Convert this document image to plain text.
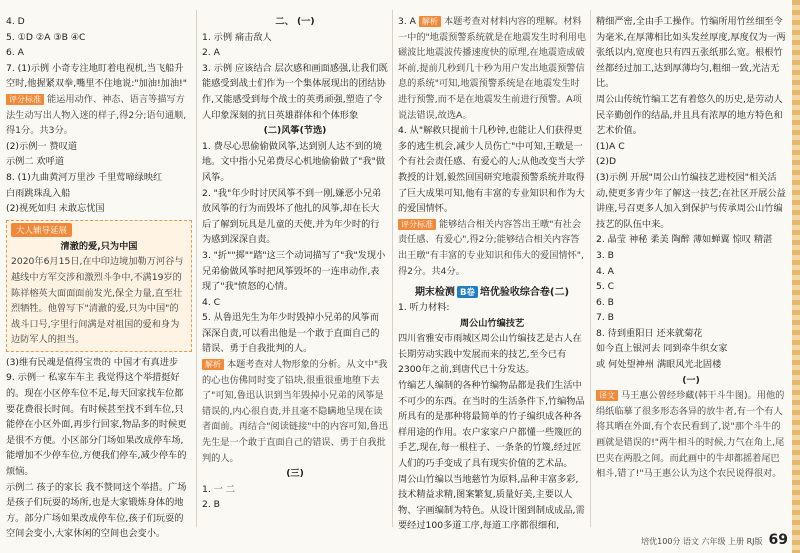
4. D
5. ①D ②A ③B ④C
6. A
7. (1)示例 小奇专注地盯着电视机,当飞船升空时,他握紧双拳,嘴里不住地说:"加油!加油!"
评分标准 能运用动作、神态、语言等描写方法生动写出人物入迷的样子,得2分;语句通顺,得1分。共3分。
(2)示例一 赞叹道
示例二 欢呼道
8. (1)九曲黄河万里沙 千里莺啼绿映红
白雨跳珠乱入船
(2)视死如归 未敢忘忧国
大人辅导延展
清澈的爱,只为中国
2020年6月15日,在中印边境加勒万河谷与越线中方军交涉和激烈斗争中,不满19岁的陈祥榕英大面面面前发光,保全力量,直至壮烈牺牲。他曾写下"清澈的爱,只为中国"的战斗口号,字里行间满是对祖国的爱和身为边防军人的担当。
(3)维有民魂是值得宝贵的 中国才有真进步
9. 示例一 私家车车主 我觉得这个举措挺好的。现在小区停车位不足,每天回家找车位都要花费很长时间。有时候甚至找不到车位,只能停在小区外面,再步行回家,物品多的时候更是很不方便。小区部分门场如果改成停车场,能增加不少停车位,方便我们停车,减少停车的烦恼。
示例二 孩子的家长 我不赞同这个举措。广场是孩子们玩耍的场所,也是大家锻炼身体的地方。部分广场如果改成停车位,孩子们玩耍的空间会变小,大家休闲的空间也会变小。
二、 (一)
1. 示例 痛击敌人
2. A
3. 示例 应该结合 层次感和画面感强,让我们既能感受到战士们作为一个集体展现出的团结协作,又能感受到每个战士的英勇顽强,塑造了令人印象深刻的抗日英雄群体和个体形象
(二)风筝(节选)
1. 费尽心思偷偷做风筝,达到别人达不到的境地。文中指小兄弟费尽心机地偷偷做了"我"做风筝。
2. "我"年少时讨厌风筝不到一刚,嫌恶小兄弟放风筝的行为而毁坏了他扎的风筝,却在长大后了解到玩具是儿童的天使,并为年少时的行为感到深深自责。
3. "折""掷""踏"这三个动词描写了"我"发现小兄弟偷做风筝时把风筝毁坏的一连串动作,表现了"我"愤怒的心情。
4. C
5. 从鲁迅先生为年少时毁掉小兄弟的风筝而深深自责,可以看出他是一个敢于直面自己的错误、勇于自我批判的人。
解析 本题考查对人物形象的分析。从文中"我的心也仿佛同时变了铅块,很重很重地堕下去了"可知,鲁迅认识到当年毁掉小兄弟的风筝是错误的,内心很自责,并且毫不隐瞒地呈现在读者面前。再结合"阅读链接"中的内容可知,鲁迅先生是一个敢于直面自己的错误、勇于自我批判的人。
(三)
1. 一 二
2. B
3. A 解析 本题考查对材料内容的理解。材料一中的"地震预警系统就是在地震发生时利用电磁波比地震波传播速度快的原理,在地震造成破坏前,提前几秒到几十秒为用户发出地震预警信息的系统"可知,地震预警系统是在地震发生时进行预警,而不是在地震发生前进行预警。A项说法错误,故选A。
4. 从"解救只提前十几秒钟,也能让人们获得更多的逃生机会,减少人员伤亡"中可知,王暾是一个有社会责任感、有爱心的人;从他改变当大学教授的计划,毅然回国研究地震预警系统并取得了巨大成果可知,他有丰富的专业知识和作为大的爱国情怀。
评分标准 能够结合相关内容答出王暾"有社会责任感、有爱心",得2分;能够结合相关内容答出王暾"有丰富的专业知识和伟大的爱国情怀",得2分。共4分。
期末检测 B卷 培优验收综合卷(二)
1. 听力材料:
周公山竹编技艺
四川省雅安市雨城区周公山竹编技艺是古人在长期劳动实践中发展而来的技艺,至今已有2300年之前,到唐代已十分发达。
竹编艺人编制的各种竹编物品都是我们生活中不可少的东西。在当时的生活条件下,竹编物品所具有的是那种将最简单的竹子编织成各种各样用途的作用。农户家家户户都懂一些篾匠的手艺,现在,每一根柱子、一条条的竹篾,经过匠人们的巧手变成了具有现实价值的艺术品。
周公山竹编以当地慈竹为原料,品种丰富多彩,技术精益求精,图案繁复,质量好美,主要以人物、字画编制为特色。从设计图到制成成品,需要经过100多道工序,每道工序都很细和,
精细严密,全由手工操作。竹编所用竹丝细至令为毫米,在厚薄相比如头发丝厚度,厚度仅为一两张纸以内,宽度也只有四五张纸那么宽。根根竹丝都经过加工,达到厚薄均匀,粗细一致,光洁无比。
周公山传统竹编工艺有着悠久的历史,是劳动人民辛勤创作的结晶,并且具有浓厚的地方特色和艺术价值。
(1)A C
(2)D
(3)示例 开展"周公山竹编技艺进校园"相关活动,使更多青少年了解这一技艺;在社区开展公益讲座,号召更多人加入到保护与传承周公山竹编技艺的队伍中来。
2. 晶莹 神秘 柔美 陶醉 薄如蝉翼 惊叹 精湛
3. B
4. A
5. C
6. B
7. B
8. 待到重阳日 还来就菊花
如今直上银河去 同到牵牛织女家
或 何处望神州 满眼风光北固楼
(一)
译文 马王惠公曾经珍藏(韩干斗牛图)。用他的绢纸临摹了很多形态各异的放牛者,有一个有人将其晒在外面,有个农民看到了,说"那个斗牛的画就是错误的!"两牛相斗的时候,力气在角上,尾巴夹在两股之间。而此画中的牛却都摇着尾巴相斗,错了!"马王惠公认为这个农民说得很对。
培优100分 语文 六年级 上册 RJ版 69
